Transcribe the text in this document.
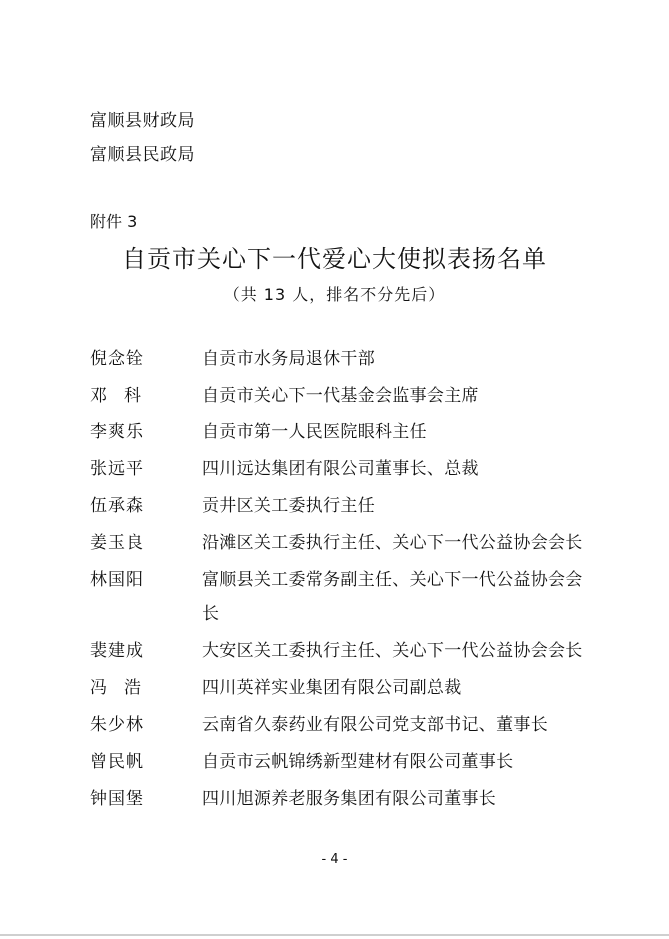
富顺县财政局
富顺县民政局
附件 3
自贡市关心下一代爱心大使拟表扬名单
（共 13 人，排名不分先后）
倪念铨	自贡市水务局退休干部
邓　科	自贡市关心下一代基金会监事会主席
李爽乐	自贡市第一人民医院眼科主任
张远平	四川远达集团有限公司董事长、总裁
伍承森	贡井区关工委执行主任
姜玉良	沿滩区关工委执行主任、关心下一代公益协会会长
林国阳	富顺县关工委常务副主任、关心下一代公益协会会长
裴建成	大安区关工委执行主任、关心下一代公益协会会长
冯　浩	四川英祥实业集团有限公司副总裁
朱少林	云南省久泰药业有限公司党支部书记、董事长
曾民帆	自贡市云帆锦绣新型建材有限公司董事长
钟国堡	四川旭源养老服务集团有限公司董事长
- 4 -
